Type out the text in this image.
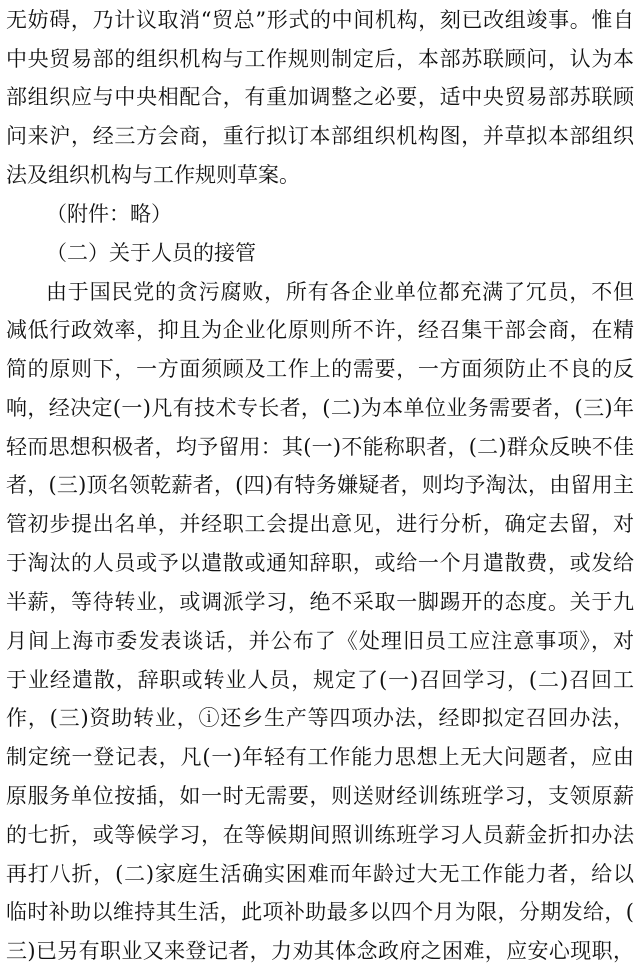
无妨碍，乃计议取消“贸总”形式的中间机构，刻已改组竣事。惟自
中央贸易部的组织机构与工作规则制定后，本部苏联顾问，认为本
部组织应与中央相配合，有重加调整之必要，适中央贸易部苏联顾
问来沪，经三方会商，重行拟订本部组织机构图，并草拟本部组织
法及组织机构与工作规则草案。
（附件：略）
（二）关于人员的接管
由于国民党的贪污腐败，所有各企业单位都充满了冗员，不但
减低行政效率，抑且为企业化原则所不许，经召集干部会商，在精
简的原则下，一方面须顾及工作上的需要，一方面须防止不良的反
响，经决定(一)凡有技术专长者，(二)为本单位业务需要者，(三)年
轻而思想积极者，均予留用：其(一)不能称职者，(二)群众反映不佳
者，(三)顶名领乾薪者，(四)有特务嫌疑者，则均予淘汰，由留用主
管初步提出名单，并经职工会提出意见，进行分析，确定去留，对
于淘汰的人员或予以遣散或通知辞职，或给一个月遣散费，或发给
半薪，等待转业，或调派学习，绝不采取一脚踢开的态度。关于九
月间上海市委发表谈话，并公布了《处理旧员工应注意事项》，对
于业经遣散，辞职或转业人员，规定了(一)召回学习，(二)召回工
作，(三)资助转业，ⓘ还乡生产等四项办法，经即拟定召回办法，
制定统一登记表，凡(一)年轻有工作能力思想上无大问题者，应由
原服务单位按插，如一时无需要，则送财经训练班学习，支领原薪
的七折，或等候学习，在等候期间照训练班学习人员薪金折扣办法
再打八折，(二)家庭生活确实困难而年龄过大无工作能力者，给以
临时补助以维持其生活，此项补助最多以四个月为限，分期发给，(
三)已另有职业又来登记者，力劝其体念政府之困难，应安心现职，
